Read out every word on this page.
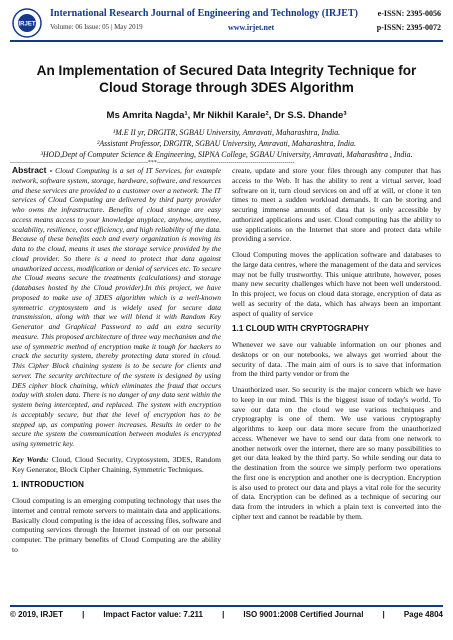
IRJET
International Research Journal of Engineering and Technology (IRJET)
Volume: 06 Issue: 05 | May 2019	www.irjet.net
e-ISSN: 2395-0056
p-ISSN: 2395-0072
An Implementation of Secured Data Integrity Technique for Cloud Storage through 3DES Algorithm
Ms Amrita Nagda¹, Mr Nikhil Karale², Dr S.S. Dhande³
¹M.E II yr, DRGITR, SGBAU University, Amravati, Maharashtra, India.
²Assistant Professor, DRGITR, SGBAU University, Amravati, Maharashtra, India.
³HOD,Dept of Computer Science & Engineering, SIPNA College, SGBAU University, Amravati, Maharashtra , India.
---------------------------------------------------------------------***---------------------------------------------------------------------

Abstract - Cloud Computing is a set of IT Services, for example network, software system, storage, hardware, software, and resources and these services are provided to a customer over a network. The IT services of Cloud Computing are delivered by third party provider who owns the infrastructure. Benefits of cloud storage are easy access means access to your knowledge anyplace, anyhow, anytime, scalability, resilience, cost efficiency, and high reliability of the data. Because of these benefits each and every organization is moving its data to the cloud, means it uses the storage service provided by the cloud provider. So there is a need to protect that data against unauthorized access, modification or denial of services etc. To secure the Cloud means secure the treatments (calculations) and storage (databases hosted by the Cloud provider).In this project, we have proposed to make use of 3DES algorithm which is a well-known symmetric cryptosystem and is widely used for secure data transmission, along with that we will blend it with Random Key Generator and Graphical Password to add an extra security measure. This proposed architecture of three way mechanism and the use of symmetric method of encryption make it tough for hackers to crack the security system, thereby protecting data stored in cloud. This Cipher Block chaining system is to be secure for clients and server. The security architecture of the system is designed by using DES cipher block chaining, which eliminates the fraud that occurs today with stolen data. There is no danger of any data sent within the system being intercepted, and replaced. The system with encryption is acceptably secure, but that the level of encryption has to be stepped up, as computing power increases. Results in order to be secure the system the communication between modules is encrypted using symmetric key.

Key Words: Cloud, Cloud Security, Cryptosystem, 3DES, Random Key Generator, Block Cipher Chaining, Symmetric Techniques.

1. INTRODUCTION

Cloud computing is an emerging computing technology that uses the internet and central remote servers to maintain data and applications. Basically cloud computing is the idea of accessing files, software and computing services through the Internet instead of on our personal computer. The primary benefits of Cloud Computing are the ability to

create, update and store your files through any computer that has access to the Web. It has the ability to rent a virtual server, load software on it, turn cloud services on and off at will, or clone it ten times to meet a sudden workload demands. It can be storing and securing immense amounts of data that is only accessible by authorized applications and user. Cloud computing has the ability to use applications on the Internet that store and protect data while providing a service.

Cloud Computing moves the application software and databases to the large data centres, where the management of the data and services may not be fully trustworthy. This unique attribute, however, poses many new security challenges which have not been well understood. In this project, we focus on cloud data storage, encryption of data as well as security of the data, which has always been an important aspect of quality of service

1.1 CLOUD WITH CRYPTOGRAPHY

Whenever we save our valuable information on our phones and desktops or on our notebooks, we always get worried about the security of data. .The main aim of ours is to save that information from the third party vendor or from the

Unauthorized user. So security is the major concern which we have to keep in our mind. This is the biggest issue of today's world. To save our data on the cloud we use various techniques and cryptography is one of them. We use various cryptography algorithms to keep our data more secure from the unauthorized access. Whenever we have to send our data from one network to another network over the internet, there are so many possibilities to get our data leaked by the third party. So while sending our data to the destination from the source we simply perform two operations the first one is encryption and another one is decryption. Encryption is also used to protect our data and plays a vital role for the security of data. Encryption can be defined as a technique of securing our data from the intruders in which a plain text is converted into the cipher text and cannot be readable by them.

© 2019, IRJET | Impact Factor value: 7.211 | ISO 9001:2008 Certified Journal | Page 4804
